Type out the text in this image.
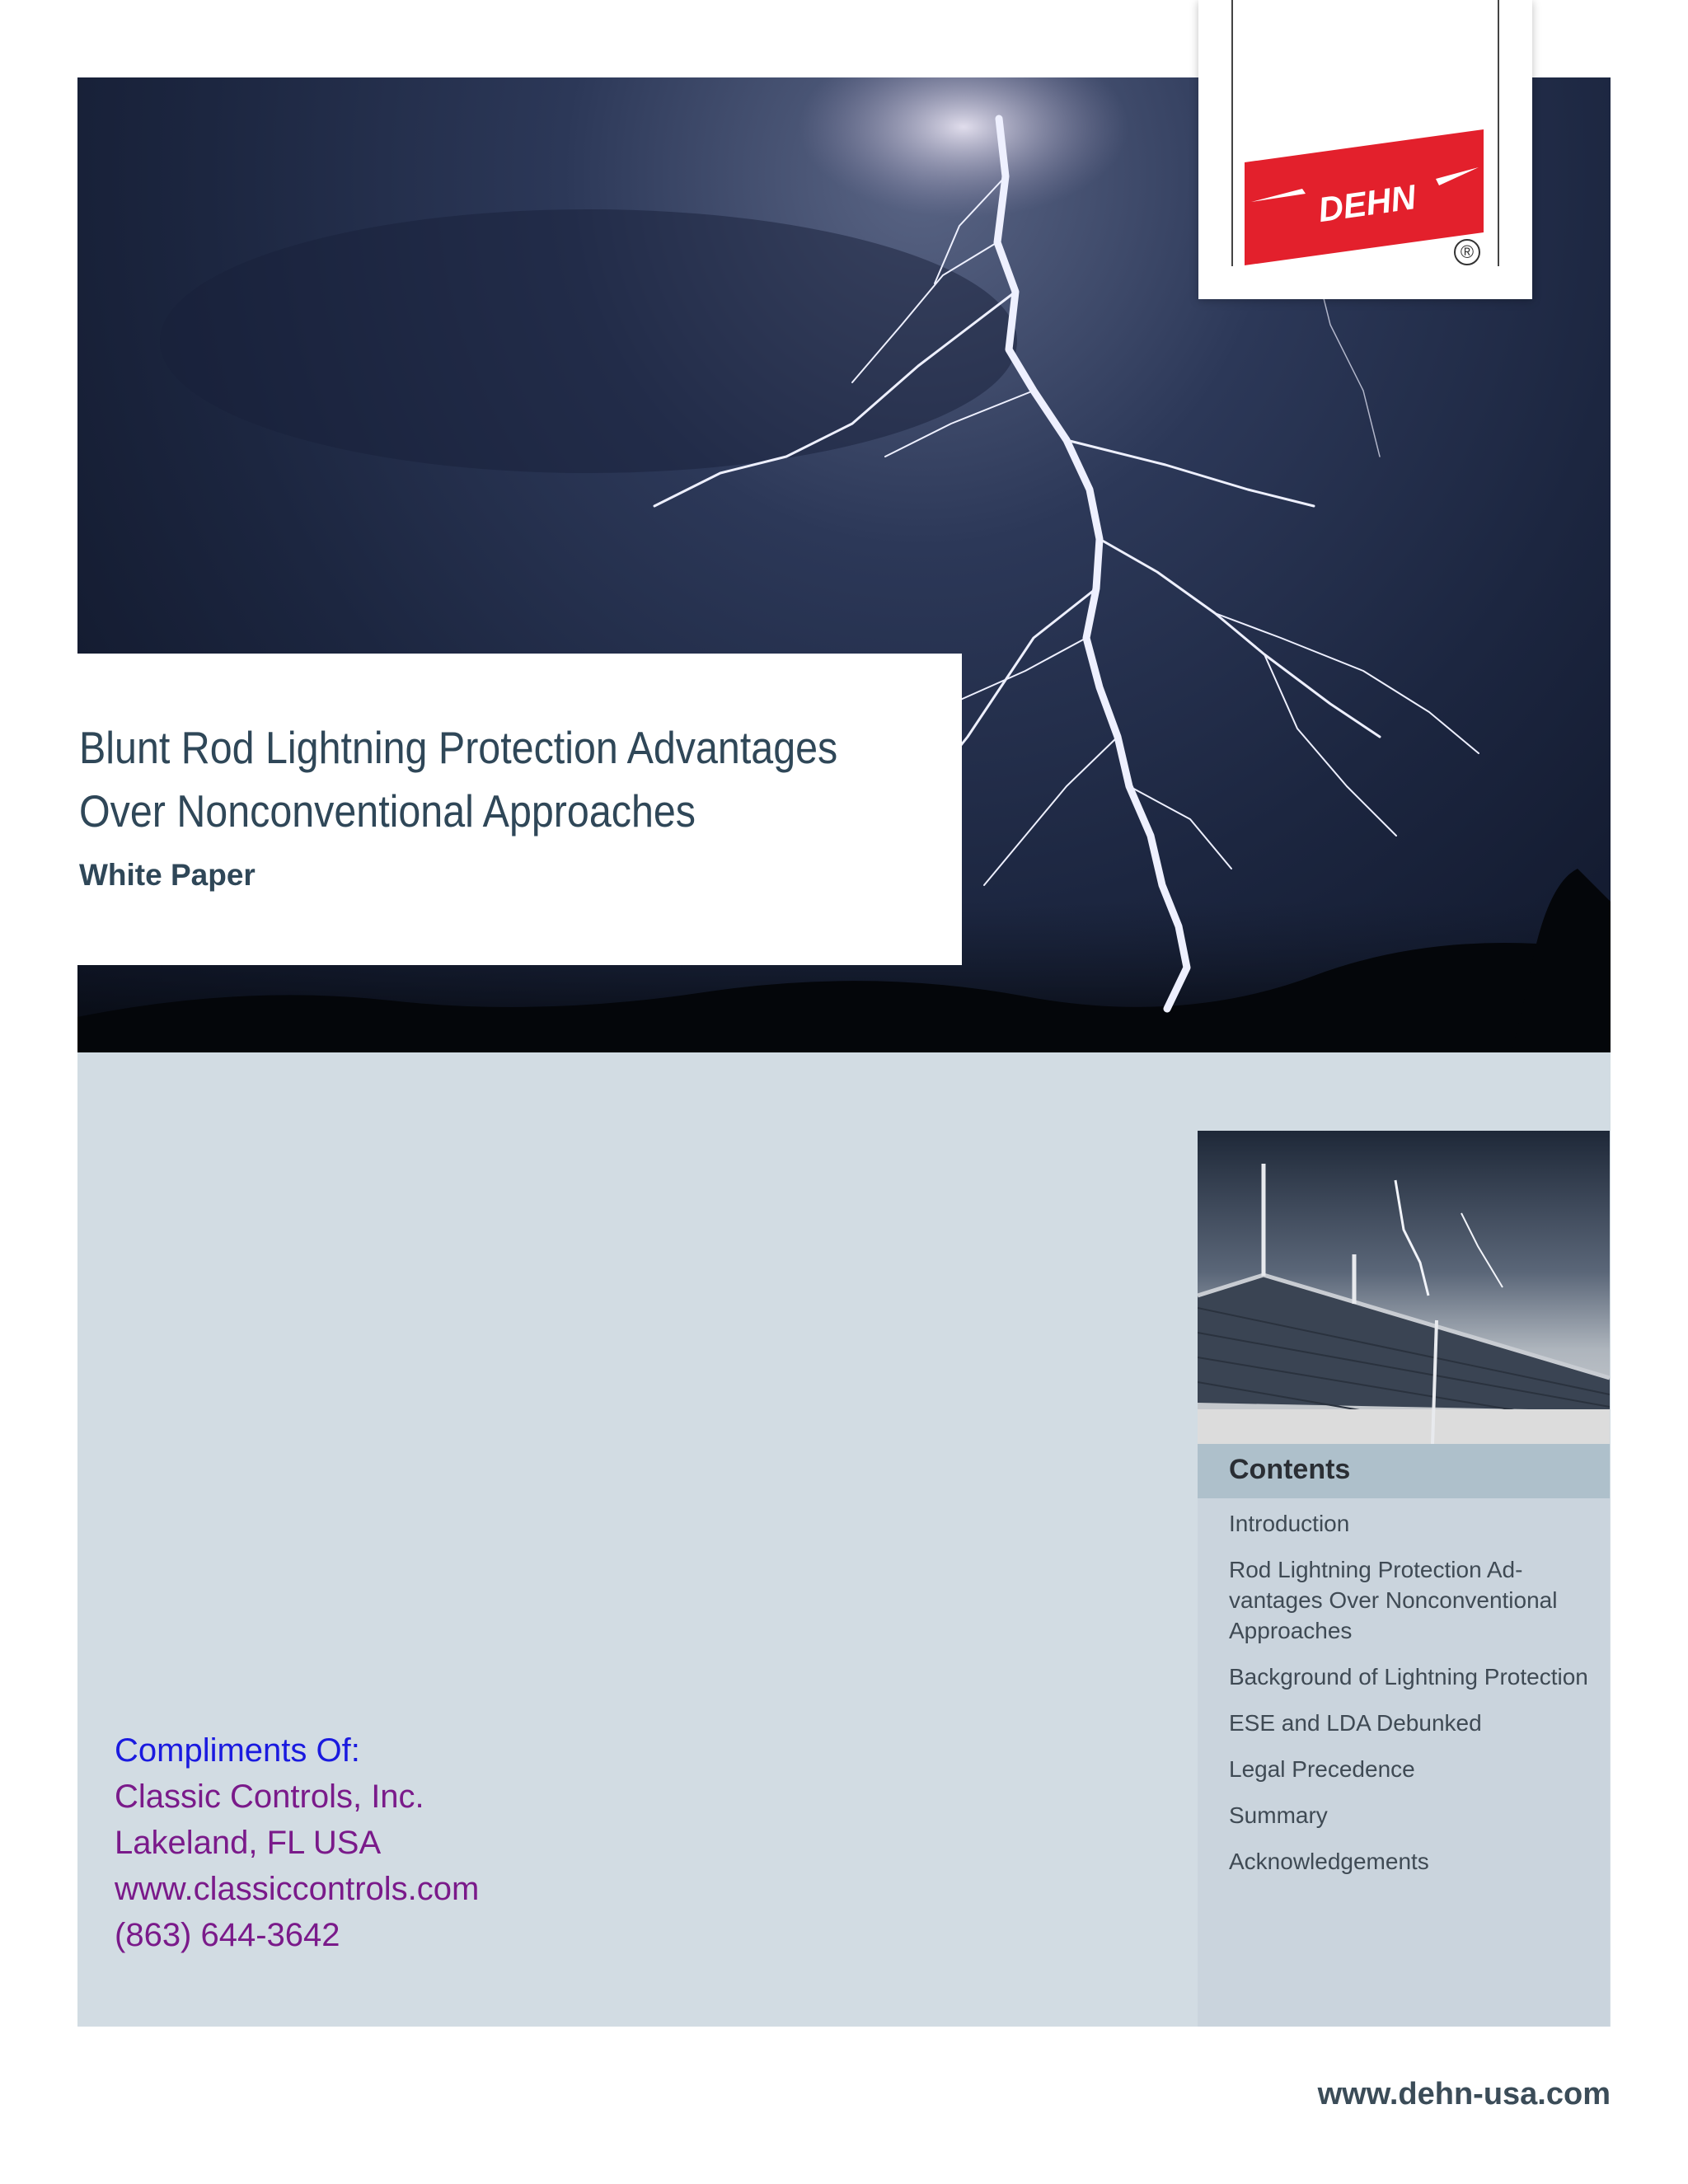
DEHN
®
Blunt Rod Lightning Protection Advantages
Over Nonconventional Approaches
White Paper
Contents
Introduction
Rod Lightning Protection Ad- vantages Over Nonconventional Approaches
Background of Lightning Protection
ESE and LDA Debunked
Legal Precedence
Summary
Acknowledgements
Compliments Of:
Classic Controls, Inc.
Lakeland, FL USA
www.classiccontrols.com
(863) 644-3642
www.dehn-usa.com
